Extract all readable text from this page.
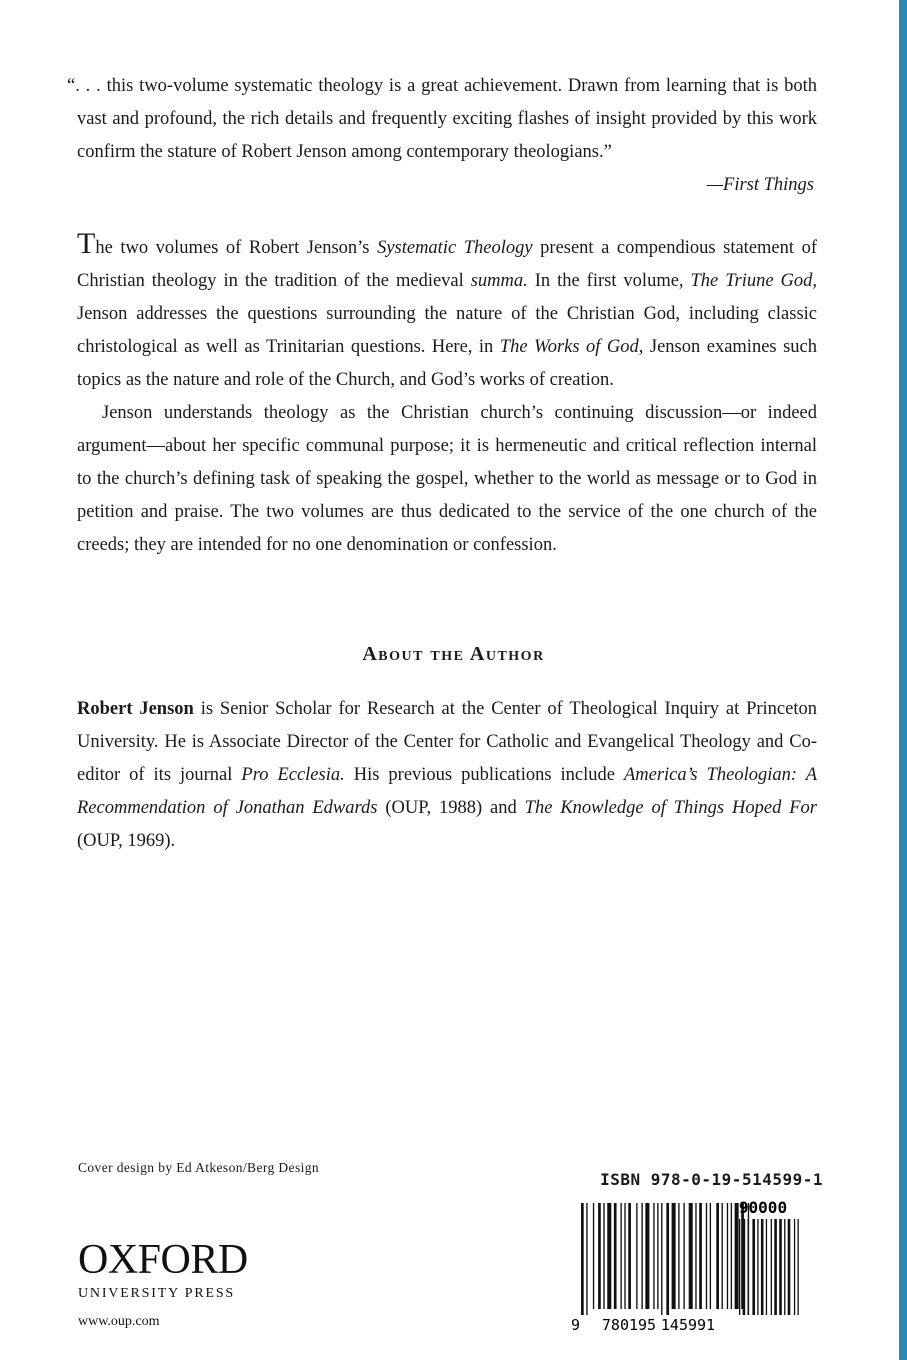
“. . . this two-volume systematic theology is a great achievement. Drawn from learning that is both vast and profound, the rich details and frequently exciting flashes of insight provided by this work confirm the stature of Robert Jenson among contemporary theologians.”

—First Things

The two volumes of Robert Jenson’s Systematic Theology present a compendious statement of Christian theology in the tradition of the medieval summa. In the first volume, The Triune God, Jenson addresses the questions surrounding the nature of the Christian God, including classic christological as well as Trinitarian questions. Here, in The Works of God, Jenson examines such topics as the nature and role of the Church, and God’s works of creation.

Jenson understands theology as the Christian church’s continuing discussion—or indeed argument—about her specific communal purpose; it is hermeneutic and critical reflection internal to the church’s defining task of speaking the gospel, whether to the world as message or to God in petition and praise. The two volumes are thus dedicated to the service of the one church of the creeds; they are intended for no one denomination or confession.

About the Author

Robert Jenson is Senior Scholar for Research at the Center of Theological Inquiry at Princeton University. He is Associate Director of the Center for Catholic and Evangelical Theology and Co-editor of its journal Pro Ecclesia. His previous publications include America’s Theologian: A Recommendation of Jonathan Edwards (OUP, 1988) and The Knowledge of Things Hoped For (OUP, 1969).

Cover design by Ed Atkeson/Berg Design
OXFORD
UNIVERSITY PRESS
www.oup.com
ISBN 978-0-19-514599-1
90000
9 780195 145991
